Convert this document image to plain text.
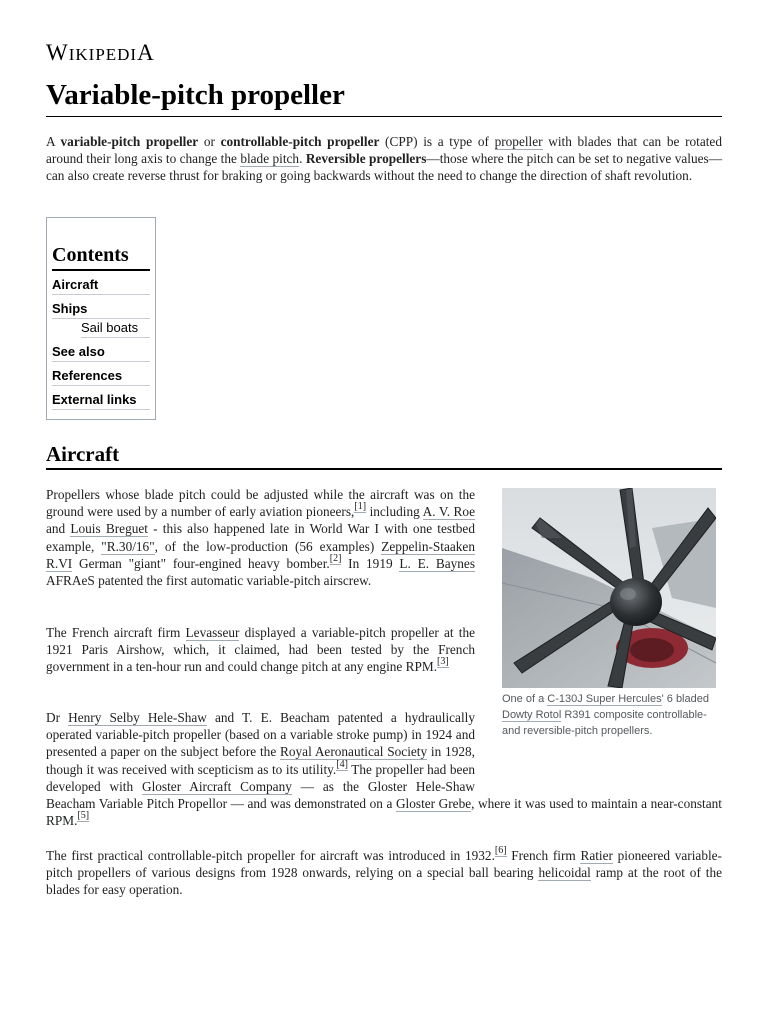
WIKIPEDIA
Variable-pitch propeller

A variable-pitch propeller or controllable-pitch propeller (CPP) is a type of propeller with blades that can be rotated around their long axis to change the blade pitch. Reversible propellers—those where the pitch can be set to negative values—can also create reverse thrust for braking or going backwards without the need to change the direction of shaft revolution.

Contents
Aircraft
Ships
Sail boats
See also
References
External links
Aircraft

Propellers whose blade pitch could be adjusted while the aircraft was on the ground were used by a number of early aviation pioneers,[1] including A. V. Roe and Louis Breguet - this also happened late in World War I with one testbed example, "R.30/16", of the low-production (56 examples) Zeppelin-Staaken R.VI German "giant" four-engined heavy bomber.[2] In 1919 L. E. Baynes AFRAeS patented the first automatic variable-pitch airscrew.

The French aircraft firm Levasseur displayed a variable-pitch propeller at the 1921 Paris Airshow, which, it claimed, had been tested by the French government in a ten-hour run and could change pitch at any engine RPM.[3]

Dr Henry Selby Hele-Shaw and T. E. Beacham patented a hydraulically operated variable-pitch propeller (based on a variable stroke pump) in 1924 and presented a paper on the subject before the Royal Aeronautical Society in 1928, though it was received with scepticism as to its utility.[4] The propeller had been developed with Gloster Aircraft Company — as the Gloster Hele-Shaw Beacham Variable Pitch Propellor — and was demonstrated on a Gloster Grebe, where it was used to maintain a near-constant RPM.[5]

The first practical controllable-pitch propeller for aircraft was introduced in 1932.[6] French firm Ratier pioneered variable-pitch propellers of various designs from 1928 onwards, relying on a special ball bearing helicoidal ramp at the root of the blades for easy operation.

One of a C-130J Super Hercules' 6 bladed Dowty Rotol R391 composite controllable- and reversible-pitch propellers.
